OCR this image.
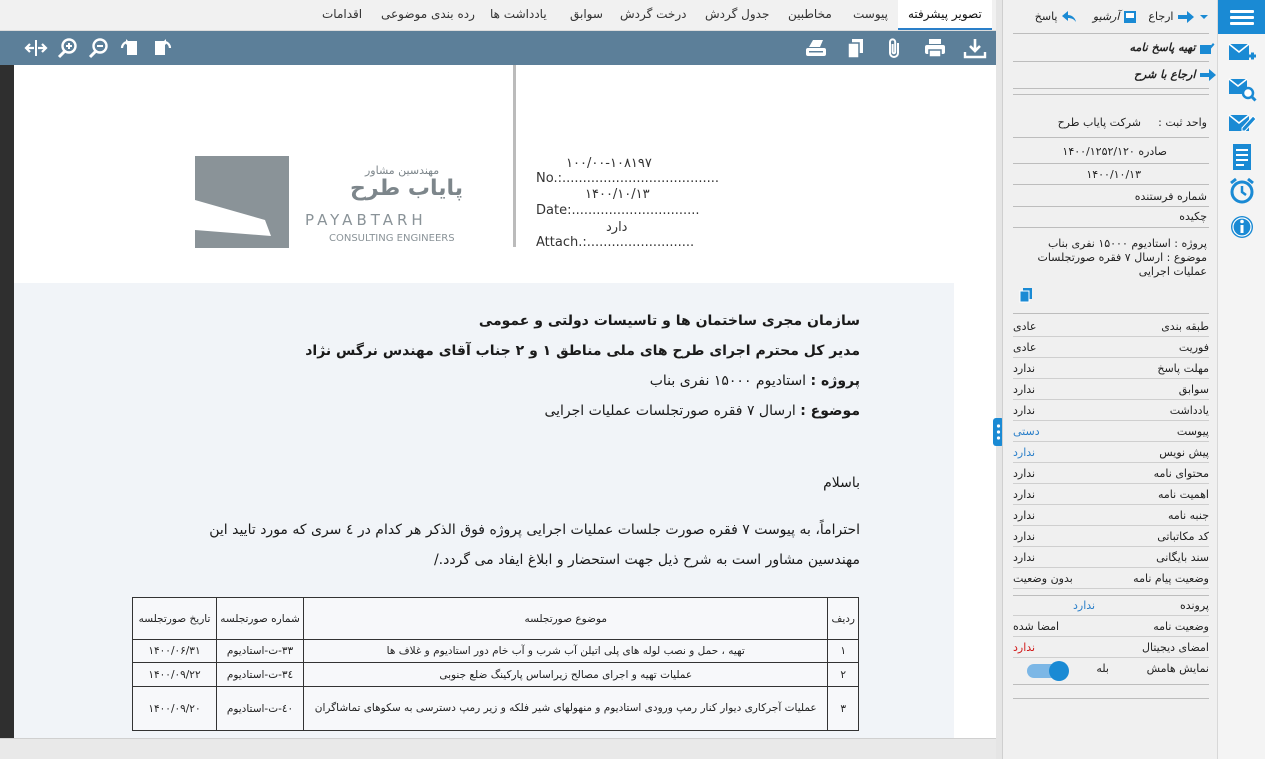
تصویر پیشرفته
پیوست
مخاطبین
جدول گردش
درخت گردش
سوابق
یادداشت ها
رده بندی موضوعی
اقدامات
مهندسین مشاور
پایاب طرح
PAYABTARH
CONSULTING ENGINEERS
۱۰۰/۰۰-۱۰۸۱۹۷
No.:......................................
۱۴۰۰/۱۰/۱۳
Date:...............................
دارد
Attach.:..........................
سازمان مجری ساختمان ها و تاسیسات دولتی و عمومی
مدیر کل محترم اجرای طرح های ملی مناطق ۱ و ۲ جناب آقای مهندس نرگس نژاد
پروژه : استادیوم ۱۵۰۰۰ نفری بناب
موضوع : ارسال ۷ فقره صورتجلسات عملیات اجرایی
باسلام
احتراماً، به پیوست ۷ فقره صورت جلسات عملیات اجرایی پروژه فوق الذکر هر کدام در ٤ سری که مورد تایید این
مهندسین مشاور است به شرح ذیل جهت استحضار و ابلاغ ایفاد می گردد./
ردیف	موضوع صورتجلسه	شماره صورتجلسه	تاریخ صورتجلسه
۱	تهیه ، حمل و نصب لوله های پلی اتیلن آب شرب و آب خام دور استادیوم و غلاف ها	۳۳-ت-استادیوم	۱۴۰۰/۰۶/۳۱
۲	عملیات تهیه و اجرای مصالح زیراساس پارکینگ ضلع جنوبی	۳٤-ت-استادیوم	۱۴۰۰/۰۹/۲۲
۳	عملیات آجرکاری دیوار کنار رمپ ورودی استادیوم و منهولهای شیر فلکه و زیر رمپ دسترسی به سکوهای تماشاگران	٤۰-ت-استادیوم	۱۴۰۰/۰۹/۲۰
ارجاع
آرشیو
پاسخ
تهیه پاسخ نامه
ارجاع با شرح
واحد ثبت :
شرکت پایاب طرح
صادره ۱۴۰۰/۱۲۵۲/۱۲۰
۱۴۰۰/۱۰/۱۳
شماره فرستنده
چکیده
پروژه : استادیوم ۱۵۰۰۰ نفری بناب
موضوع : ارسال ۷ فقره صورتجلسات
عملیات اجرایی
طبقه بندی
عادی
فوریت
عادی
مهلت پاسخ
ندارد
سوابق
ندارد
یادداشت
ندارد
پیوست
دستی
پیش نویس
ندارد
محتوای نامه
ندارد
اهمیت نامه
ندارد
جنبه نامه
ندارد
کد مکاتباتی
ندارد
سند بایگانی
ندارد
وضعیت پیام نامه
بدون وضعیت
پرونده
ندارد
وضعیت نامه
امضا شده
امضای دیجیتال
ندارد
نمایش هامش
بله
